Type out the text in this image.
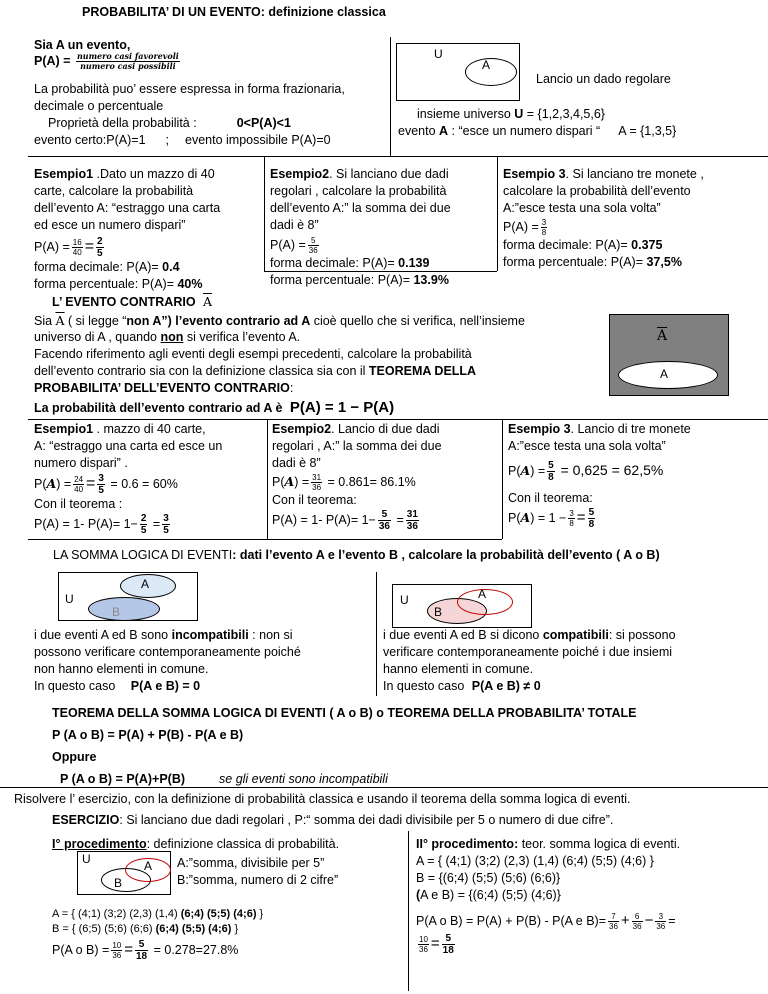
PROBABILITA’ DI UN EVENTO: definizione classica
Sia A un evento,
$P(A) = \frac{\text{numero casi favorevoli}}{\text{numero casi possibili}}$
La probabilità puo’ essere espressa in forma frazionaria,
decimale o percentuale
Proprietà della probabilità :	0<P(A)<1
evento certo:P(A)=1 ; evento impossibile P(A)=0
U
A
Lancio un dado regolare
insieme universo U = {1,2,3,4,5,6}
evento A : “esce un numero dispari “ A = {1,3,5}
Esempio1 .Dato un mazzo di 40
carte, calcolare la probabilità
dell’evento A: “estraggo una carta
ed esce un numero dispari”
$P(A) = \frac{16}{40} = \frac{2}{5}$
forma decimale: P(A)= 0.4
forma percentuale: P(A)= 40%
Esempio2. Si lanciano due dadi
regolari , calcolare la probabilità
dell’evento A:” la somma dei due
dadi è 8”
$P(A) = \frac{5}{36}$
forma decimale: P(A)= 0.139
forma percentuale: P(A)= 13.9%
Esempio 3. Si lanciano tre monete ,
calcolare la probabilità dell’evento
A:”esce testa una sola volta”
$P(A) = \frac{3}{8}$
forma decimale: P(A)= 0.375
forma percentuale: P(A)= 37,5%
L’ EVENTO CONTRARIO $\overline{A}$
Sia $\overline{A}$ ( si legge “non A”) l’evento contrario ad A cioè quello che si verifica, nell’insieme
universo di A , quando non si verifica l’evento A.
Facendo riferimento agli eventi degli esempi precedenti, calcolare la probabilità
dell’evento contrario sia con la definizione classica sia con il TEOREMA DELLA
PROBABILITA’ DELL’EVENTO CONTRARIO:
La probabilità dell’evento contrario ad A è P(A) = 1 − P(A)
$\overline{A}$
A
Esempio1 . mazzo di 40 carte,
A: “estraggo una carta ed esce un
numero dispari” .
$P(A) = \frac{24}{40} = \frac{3}{5} = 0.6 = 60\%$
Con il teorema :
P(A) = 1- $P(A)= 1- \frac{2}{5} = \frac{3}{5}$
Esempio2. Lancio di due dadi
regolari , A:” la somma dei due
dadi è 8”
$P(A) = \frac{31}{36} = 0.861= 86.1\%$
Con il teorema:
P(A) = 1- $P(A)= 1- \frac{5}{36} = \frac{31}{36}$
Esempio 3. Lancio di tre monete
A:”esce testa una sola volta”
$P(A) = \frac{5}{8} = 0,625 = 62,5\%$
Con il teorema:
$P(A) = 1 - \frac{3}{8} = \frac{5}{8}$
LA SOMMA LOGICA DI EVENTI: dati l’evento A e l’evento B , calcolare la probabilità dell’evento ( A o B)
U
A
B
U	A
B
i due eventi A ed B sono incompatibili : non si
possono verificare contemporaneamente poiché
non hanno elementi in comune.
In questo caso P(A e B) = 0
i due eventi A ed B si dicono compatibili: si possono
verificare contemporaneamente poiché i due insiemi
hanno elementi in comune.
In questo caso P(A e B) ≠ 0
TEOREMA DELLA SOMMA LOGICA DI EVENTI ( A o B) o TEOREMA DELLA PROBABILITA’ TOTALE
P (A o B) = P(A) + P(B) - P(A e B)
Oppure
P (A o B) = P(A)+P(B)	se gli eventi sono incompatibili
Risolvere l’ esercizio, con la definizione di probabilità classica e usando il teorema della somma logica di eventi.
ESERCIZIO: Si lanciano due dadi regolari , P:“ somma dei dadi divisibile per 5 o numero di due cifre”.
I° procedimento: definizione classica di probabilità.
U	A
B
A:”somma, divisibile per 5”
B:”somma, numero di 2 cifre”
A = { (4;1) (3;2) (2,3) (1,4) (6;4) (5;5) (4;6) }
B = { (6;5) (5;6) (6;6) (6;4) (5;5) (4;6) }
P(A o $B) = \frac{10}{36} = \frac{5}{18} = 0.278=27.8\%$
II° procedimento: teor. somma logica di eventi.
A = { (4;1) (3;2) (2,3) (1,4) (6;4) (5;5) (4;6) }
B = {(6;4) (5;5) (5;6) (6;6)}
(A e B) = {(6;4) (5;5) (4;6)}
P(A o B) = P(A) + P(B) - P(A e $B)= \frac{7}{36} + \frac{6}{36} - \frac{3}{36}$ =
$\frac{10}{36} = \frac{5}{18}$
